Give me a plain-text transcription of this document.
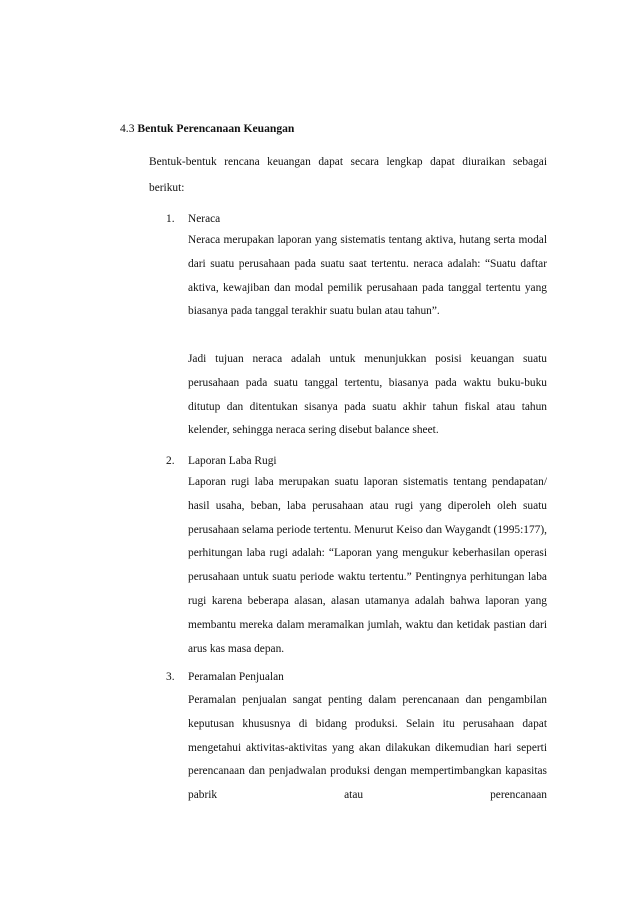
4.3 Bentuk Perencanaan Keuangan
Bentuk-bentuk rencana keuangan dapat secara lengkap dapat diuraikan sebagai berikut:
1. Neraca
Neraca merupakan laporan yang sistematis tentang aktiva, hutang serta modal dari suatu perusahaan pada suatu saat tertentu. neraca adalah: “Suatu daftar aktiva, kewajiban dan modal pemilik perusahaan pada tanggal tertentu yang biasanya pada tanggal terakhir suatu bulan atau tahun”.
Jadi tujuan neraca adalah untuk menunjukkan posisi keuangan suatu perusahaan pada suatu tanggal tertentu, biasanya pada waktu buku-buku ditutup dan ditentukan sisanya pada suatu akhir tahun fiskal atau tahun kelender, sehingga neraca sering disebut balance sheet.
2. Laporan Laba Rugi
Laporan rugi laba merupakan suatu laporan sistematis tentang pendapatan/ hasil usaha, beban, laba perusahaan atau rugi yang diperoleh oleh suatu perusahaan selama periode tertentu. Menurut Keiso dan Waygandt (1995:177), perhitungan laba rugi adalah: “Laporan yang mengukur keberhasilan operasi perusahaan untuk suatu periode waktu tertentu.” Pentingnya perhitungan laba rugi karena beberapa alasan, alasan utamanya adalah bahwa laporan yang membantu mereka dalam meramalkan jumlah, waktu dan ketidak pastian dari arus kas masa depan.
3. Peramalan Penjualan
Peramalan penjualan sangat penting dalam perencanaan dan pengambilan keputusan khususnya di bidang produksi. Selain itu perusahaan dapat mengetahui aktivitas-aktivitas yang akan dilakukan dikemudian hari seperti perencanaan dan penjadwalan produksi dengan mempertimbangkan kapasitas pabrik atau perencanaan
